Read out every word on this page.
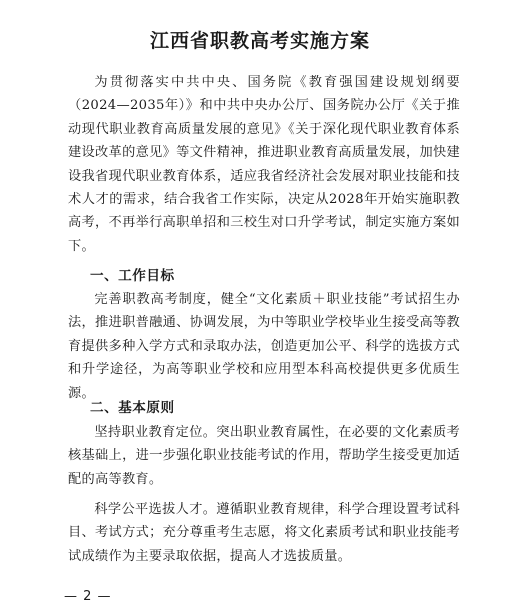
江西省职教高考实施方案
为贯彻落实中共中央、国务院《教育强国建设规划纲要（2024—2035年）》和中共中央办公厅、国务院办公厅《关于推动现代职业教育高质量发展的意见》《关于深化现代职业教育体系建设改革的意见》等文件精神，推进职业教育高质量发展，加快建设我省现代职业教育体系，适应我省经济社会发展对职业技能和技术人才的需求，结合我省工作实际，决定从2028年开始实施职教高考，不再举行高职单招和三校生对口升学考试，制定实施方案如下。
一、工作目标
完善职教高考制度，健全“文化素质＋职业技能”考试招生办法，推进职普融通、协调发展，为中等职业学校毕业生接受高等教育提供多种入学方式和录取办法，创造更加公平、科学的选拔方式和升学途径，为高等职业学校和应用型本科高校提供更多优质生源。
二、基本原则
坚持职业教育定位。突出职业教育属性，在必要的文化素质考核基础上，进一步强化职业技能考试的作用，帮助学生接受更加适配的高等教育。
科学公平选拔人才。遵循职业教育规律，科学合理设置考试科目、考试方式；充分尊重考生志愿，将文化素质考试和职业技能考试成绩作为主要录取依据，提高人才选拔质量。
— 2 —
